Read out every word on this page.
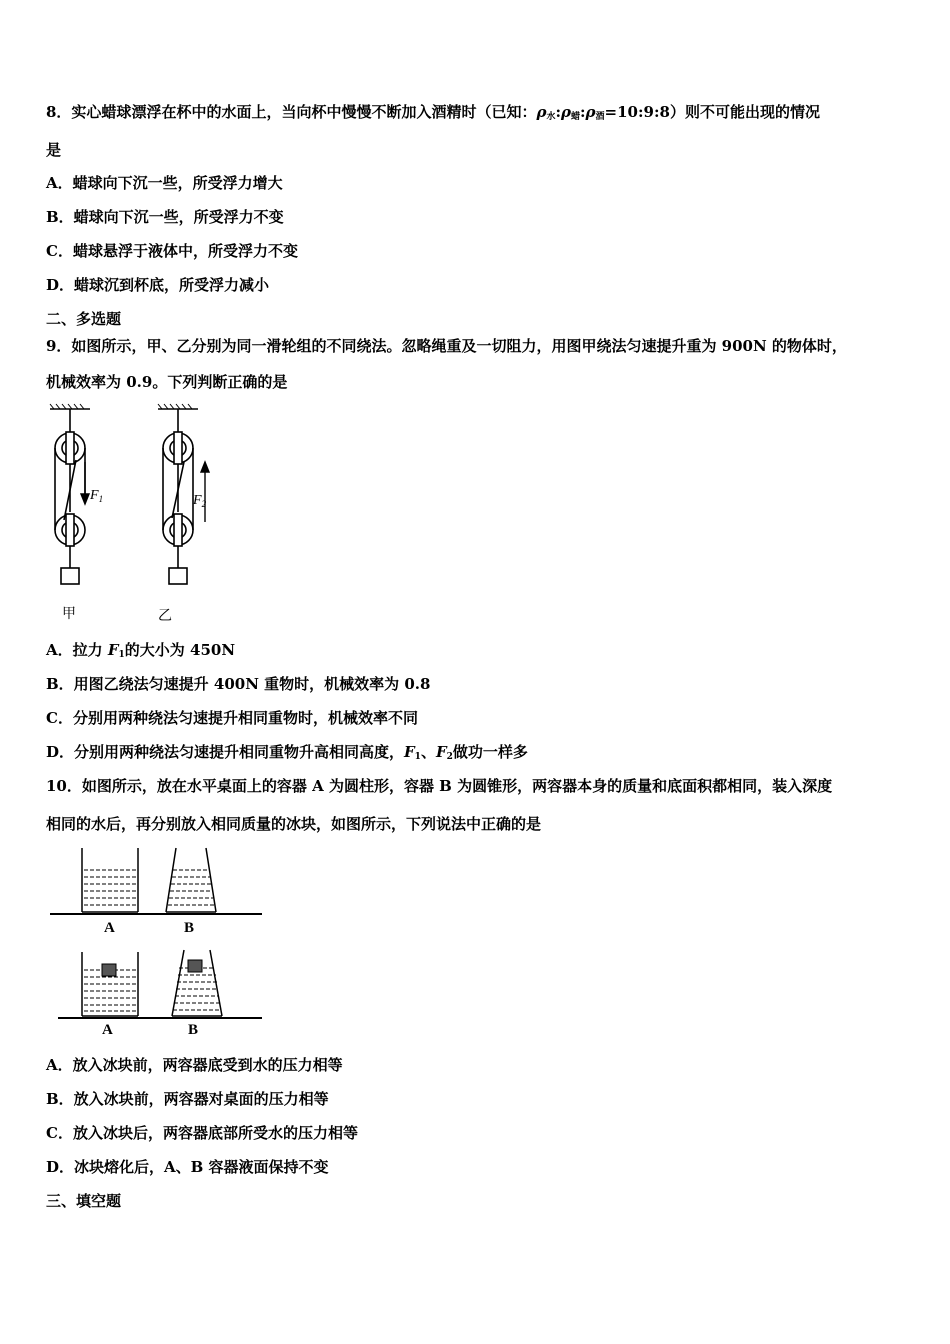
8．实心蜡球漂浮在杯中的水面上，当向杯中慢慢不断加入酒精时（已知：$\rho_水:\rho_蜡:\rho_酒=10:9:8$）则不可能出现的情况
是
A．蜡球向下沉一些，所受浮力增大
B．蜡球向下沉一些，所受浮力不变
C．蜡球悬浮于液体中，所受浮力不变
D．蜡球沉到杯底，所受浮力减小
二、多选题
9．如图所示，甲、乙分别为同一滑轮组的不同绕法。忽略绳重及一切阻力，用图甲绕法匀速提升重为 900N 的物体时，
机械效率为 0.9。下列判断正确的是
$F_1$
甲
$F_2$
乙
A．拉力 $F_1$的大小为 450N
B．用图乙绕法匀速提升 400N 重物时，机械效率为 0.8
C．分别用两种绕法匀速提升相同重物时，机械效率不同
D．分别用两种绕法匀速提升相同重物升高相同高度，$F_1$、$F_2$做功一样多
10．如图所示，放在水平桌面上的容器 A 为圆柱形，容器 B 为圆锥形，两容器本身的质量和底面积都相同，装入深度
相同的水后，再分别放入相同质量的冰块，如图所示，下列说法中正确的是
A	B
A	B
A．放入冰块前，两容器底受到水的压力相等
B．放入冰块前，两容器对桌面的压力相等
C．放入冰块后，两容器底部所受水的压力相等
D．冰块熔化后，A、B 容器液面保持不变
三、填空题
